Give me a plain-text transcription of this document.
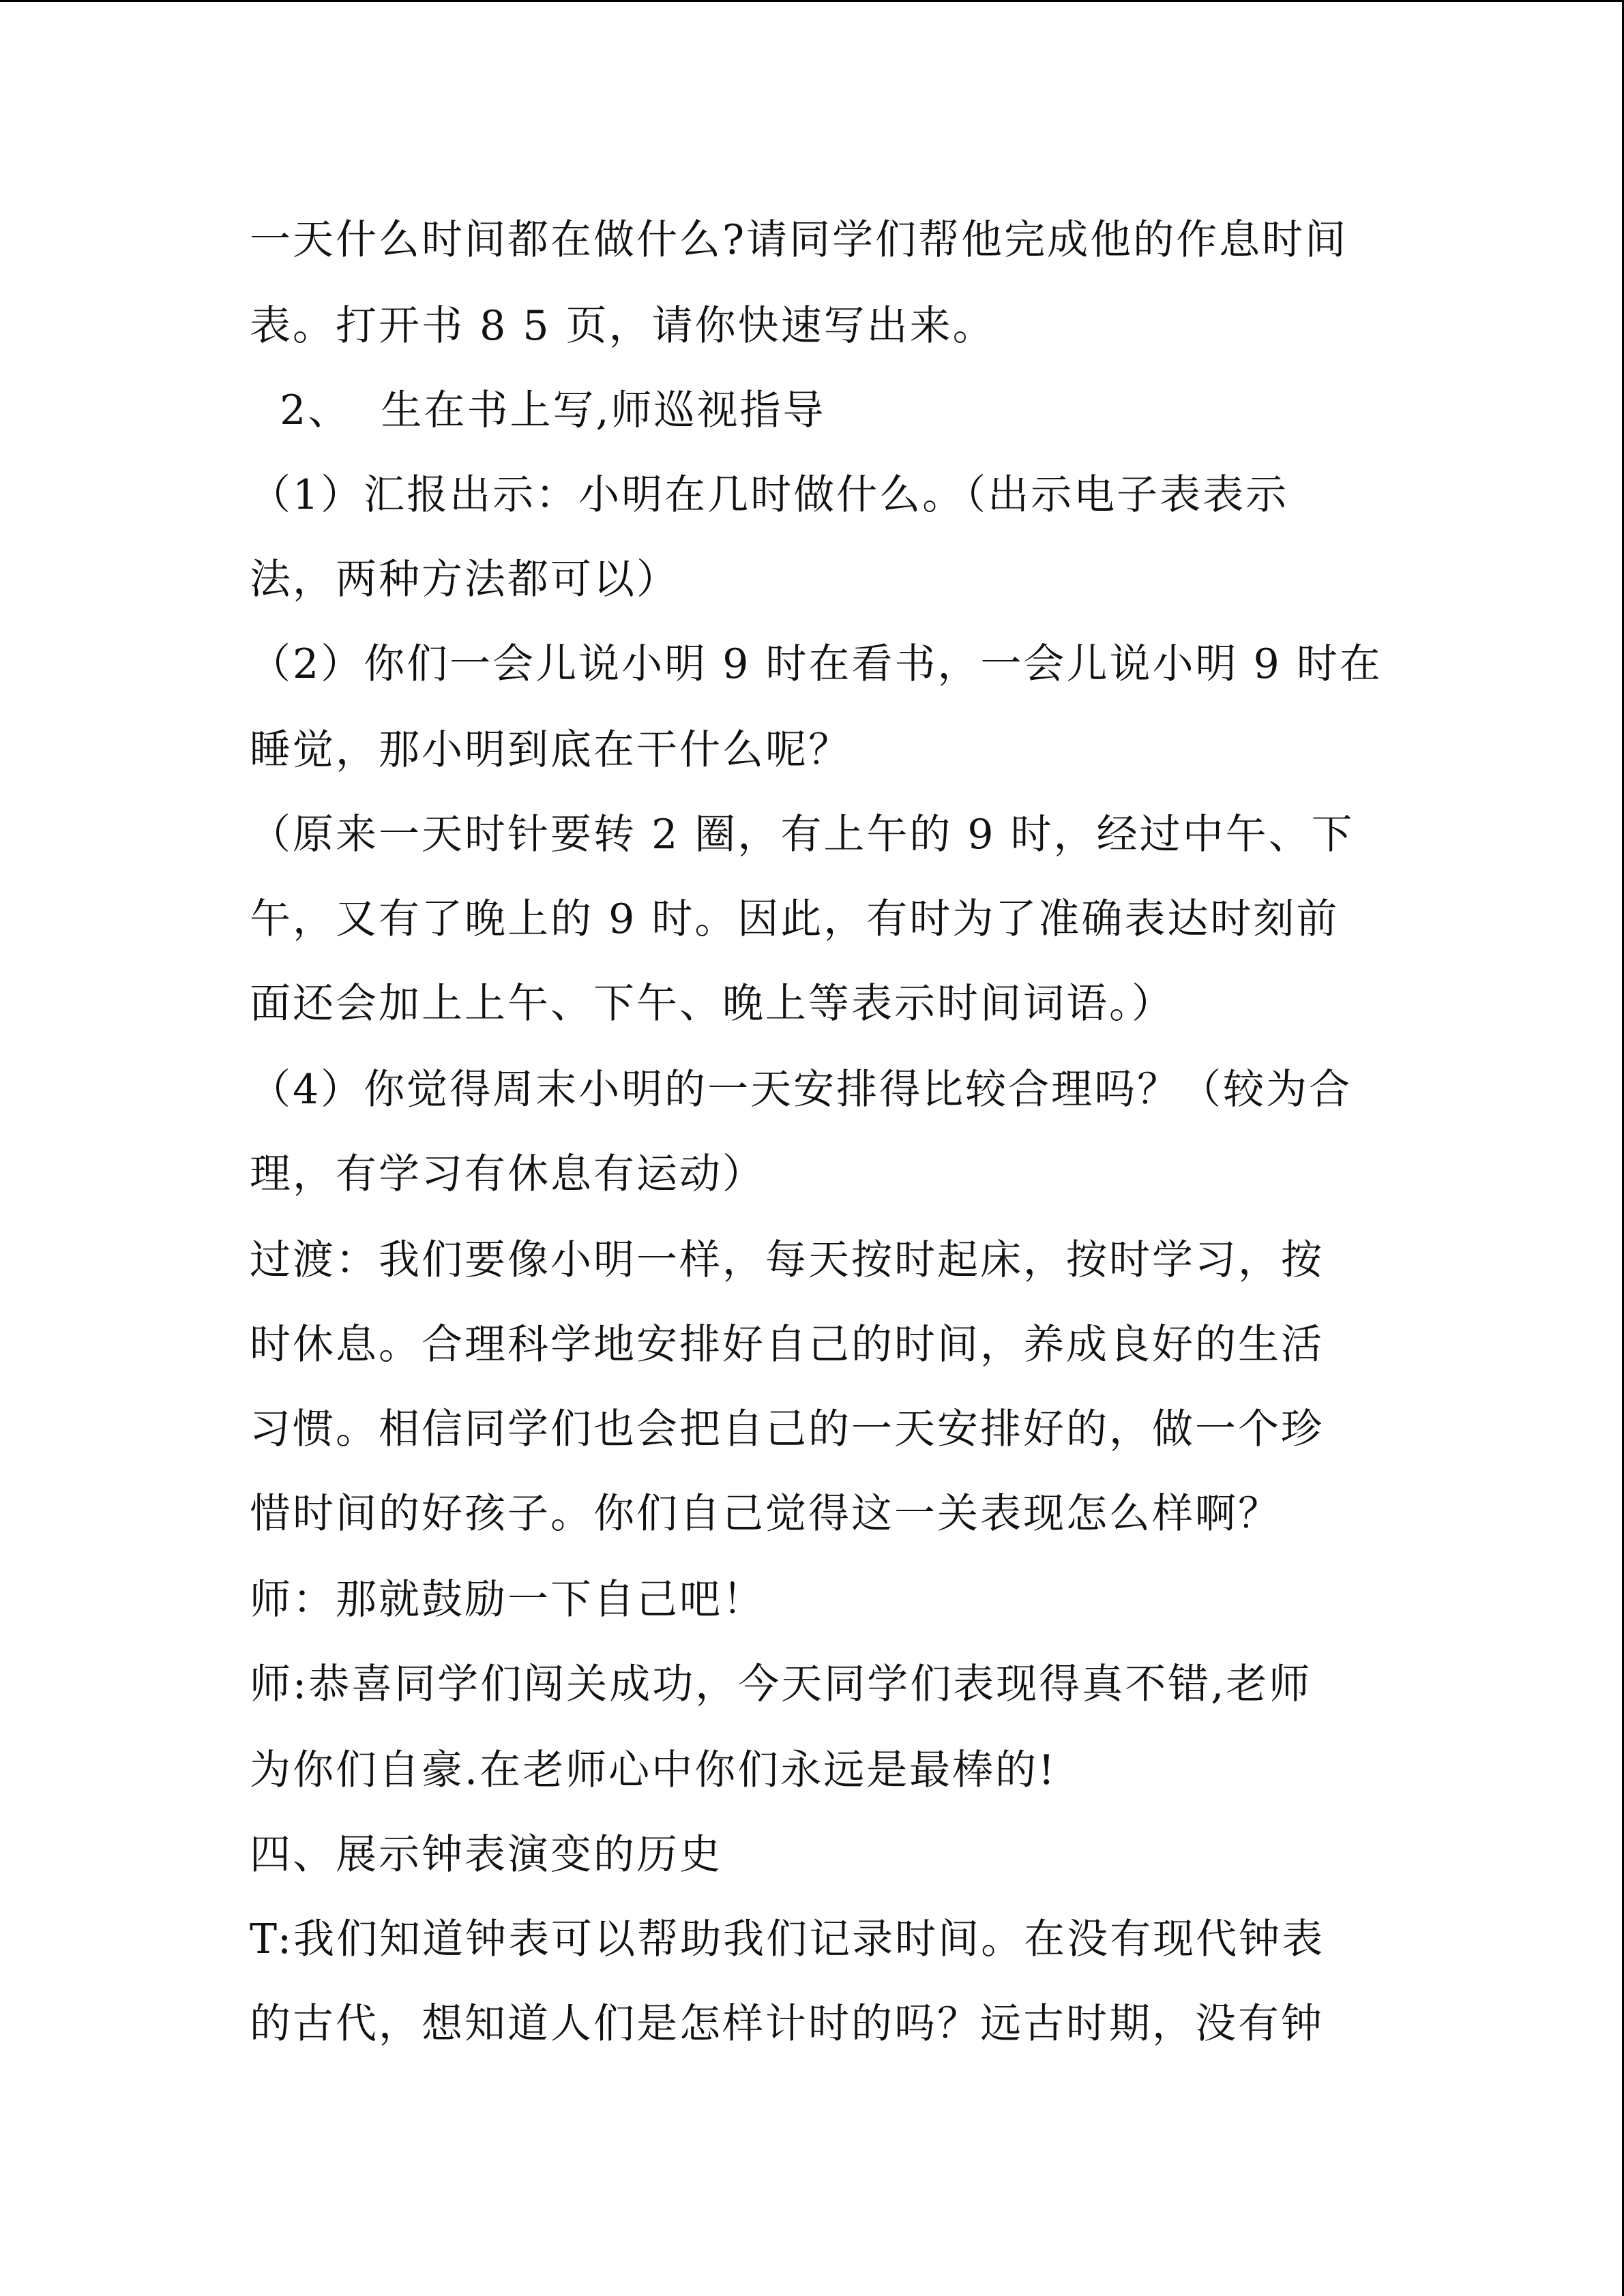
一天什么时间都在做什么?请同学们帮他完成他的作息时间
表。打开书 8 5 页，请你快速写出来。
2、  生在书上写,师巡视指导
（1）汇报出示：小明在几时做什么。（出示电子表表示
法，两种方法都可以）
（2）你们一会儿说小明 9 时在看书，一会儿说小明 9 时在
睡觉，那小明到底在干什么呢？
（原来一天时针要转 2 圈，有上午的 9 时，经过中午、下
午，又有了晚上的 9 时。因此，有时为了准确表达时刻前
面还会加上上午、下午、晚上等表示时间词语。）
（4）你觉得周末小明的一天安排得比较合理吗？（较为合
理，有学习有休息有运动）
过渡：我们要像小明一样，每天按时起床，按时学习，按
时休息。合理科学地安排好自己的时间，养成良好的生活
习惯。相信同学们也会把自己的一天安排好的，做一个珍
惜时间的好孩子。你们自己觉得这一关表现怎么样啊？
师：那就鼓励一下自己吧！
师:恭喜同学们闯关成功，今天同学们表现得真不错,老师
为你们自豪.在老师心中你们永远是最棒的!
四、展示钟表演变的历史
T:我们知道钟表可以帮助我们记录时间。在没有现代钟表
的古代，想知道人们是怎样计时的吗？远古时期，没有钟
